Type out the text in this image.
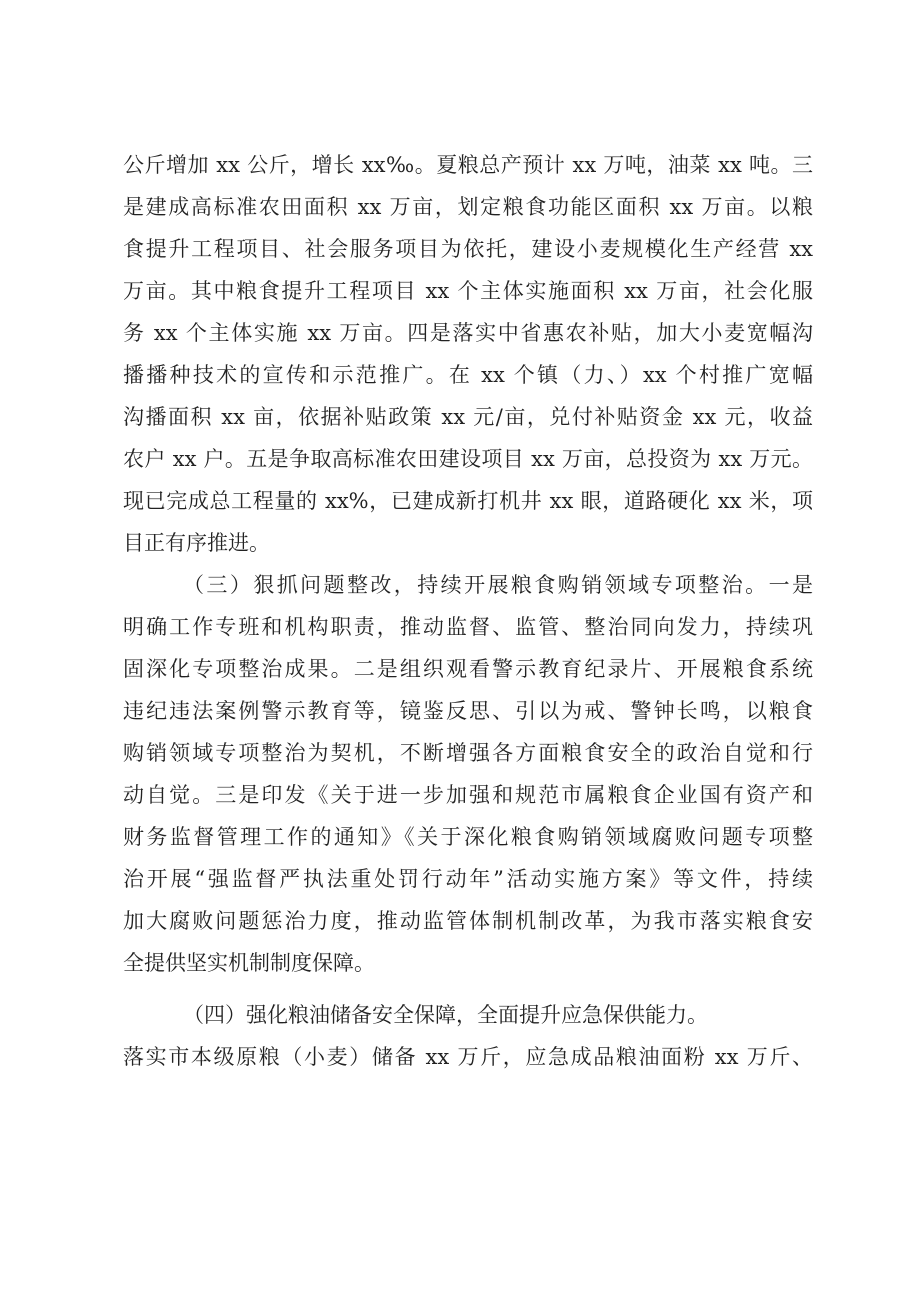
公斤增加 xx 公斤，增长 xx‰。夏粮总产预计 xx 万吨，油菜 xx 吨。三
是建成高标准农田面积 xx 万亩，划定粮食功能区面积 xx 万亩。以粮
食提升工程项目、社会服务项目为依托，建设小麦规模化生产经营 xx
万亩。其中粮食提升工程项目 xx 个主体实施面积 xx 万亩，社会化服
务 xx 个主体实施 xx 万亩。四是落实中省惠农补贴，加大小麦宽幅沟
播播种技术的宣传和示范推广。在 xx 个镇（力、）xx 个村推广宽幅
沟播面积 xx 亩，依据补贴政策 xx 元/亩，兑付补贴资金 xx 元，收益
农户 xx 户。五是争取高标准农田建设项目 xx 万亩，总投资为 xx 万元。
现已完成总工程量的 xx%，已建成新打机井 xx 眼，道路硬化 xx 米，项
目正有序推进。
（三）狠抓问题整改，持续开展粮食购销领域专项整治。一是
明确工作专班和机构职责，推动监督、监管、整治同向发力，持续巩
固深化专项整治成果。二是组织观看警示教育纪录片、开展粮食系统
违纪违法案例警示教育等，镜鉴反思、引以为戒、警钟长鸣，以粮食
购销领域专项整治为契机，不断增强各方面粮食安全的政治自觉和行
动自觉。三是印发《关于进一步加强和规范市属粮食企业国有资产和
财务监督管理工作的通知》《关于深化粮食购销领域腐败问题专项整
治开展“强监督严执法重处罚行动年”活动实施方案》等文件，持续
加大腐败问题惩治力度，推动监管体制机制改革，为我市落实粮食安
全提供坚实机制制度保障。
（四）强化粮油储备安全保障，全面提升应急保供能力。
落实市本级原粮（小麦）储备 xx 万斤，应急成品粮油面粉 xx 万斤、
